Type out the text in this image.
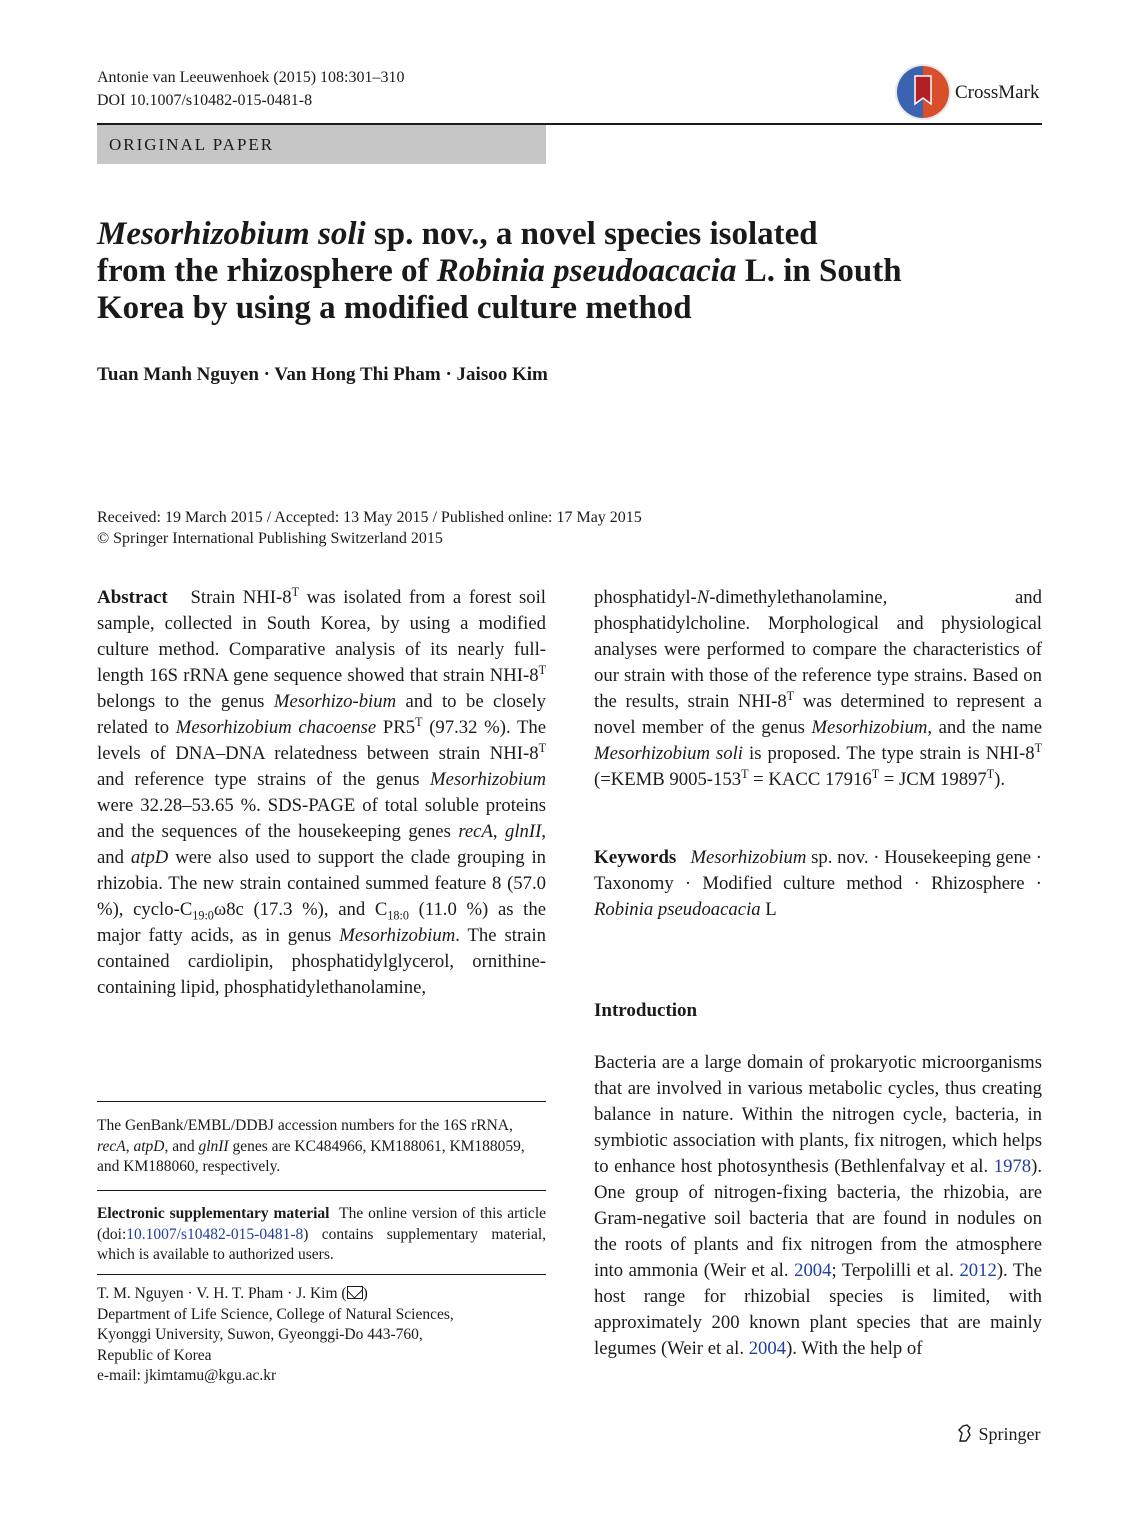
Antonie van Leeuwenhoek (2015) 108:301–310
DOI 10.1007/s10482-015-0481-8	CrossMark
ORIGINAL PAPER
Mesorhizobium soli sp. nov., a novel species isolated
from the rhizosphere of Robinia pseudoacacia L. in South
Korea by using a modified culture method
Tuan Manh Nguyen · Van Hong Thi Pham · Jaisoo Kim
Received: 19 March 2015 / Accepted: 13 May 2015 / Published online: 17 May 2015
© Springer International Publishing Switzerland 2015

Abstract Strain NHI-$8^T$ was isolated from a forest soil sample, collected in South Korea, by using a modified culture method. Comparative analysis of its nearly full-length 16S rRNA gene sequence showed that strain NHI-$8^T$ belongs to the genus Mesorhizo-bium and to be closely related to Mesorhizobium chacoense $PR5^T$ (97.32 %). The levels of DNA–DNA relatedness between strain NHI-$8^T$ and reference type strains of the genus Mesorhizobium were 32.28–53.65 %. SDS-PAGE of total soluble proteins and the sequences of the housekeeping genes recA, glnII, and atpD were also used to support the clade grouping in rhizobia. The new strain contained summed feature 8 (57.0 %), cyclo-$C_{19:0}\omega 8c$ (17.3 %), and $C_{18:0}$ (11.0 %) as the major fatty acids, as in genus Mesorhizobium. The strain contained cardiolipin, phosphatidylglycerol, ornithine-containing lipid, phosphatidylethanolamine,

The GenBank/EMBL/DDBJ accession numbers for the 16S rRNA, recA, atpD, and glnII genes are KC484966, KM188061, KM188059, and KM188060, respectively.

Electronic supplementary material The online version of this article (doi:10.1007/s10482-015-0481-8) contains supplementary material, which is available to authorized users.

T. M. Nguyen · V. H. T. Pham · J. Kim ( )
Department of Life Science, College of Natural Sciences,
Kyonggi University, Suwon, Gyeonggi-Do 443-760,
Republic of Korea
e-mail: jkimtamu@kgu.ac.kr

phosphatidyl-N-dimethylethanolamine, and phosphatidylcholine. Morphological and physiological analyses were performed to compare the characteristics of our strain with those of the reference type strains. Based on the results, strain NHI-$8^T$ was determined to represent a novel member of the genus Mesorhizobium, and the name Mesorhizobium soli is proposed. The type strain is NHI-$8^T$ (=KEMB $9005-153^T$ = KACC $17916^T$ = JCM $19897^T$).

Keywords Mesorhizobium sp. nov. · Housekeeping gene · Taxonomy · Modified culture method · Rhizosphere · Robinia pseudoacacia L

Introduction

Bacteria are a large domain of prokaryotic microorganisms that are involved in various metabolic cycles, thus creating balance in nature. Within the nitrogen cycle, bacteria, in symbiotic association with plants, fix nitrogen, which helps to enhance host photosynthesis (Bethlenfalvay et al. 1978). One group of nitrogen-fixing bacteria, the rhizobia, are Gram-negative soil bacteria that are found in nodules on the roots of plants and fix nitrogen from the atmosphere into ammonia (Weir et al. 2004; Terpolilli et al. 2012). The host range for rhizobial species is limited, with approximately 200 known plant species that are mainly legumes (Weir et al. 2004). With the help of

Springer
